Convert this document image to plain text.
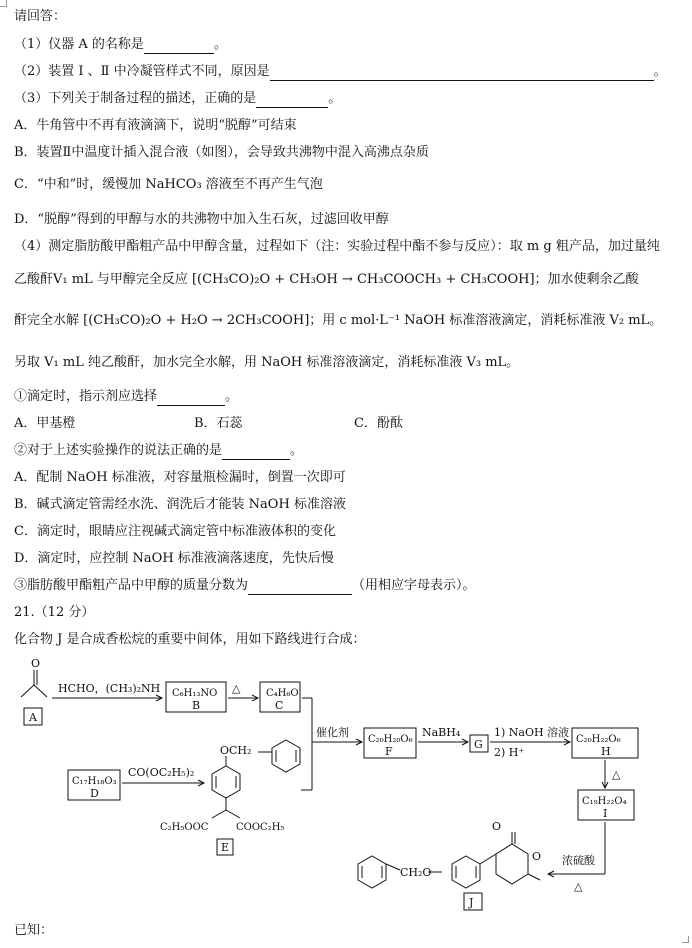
请回答：
（1）仪器 A 的名称是	。
（2）装置 Ⅰ 、Ⅱ 中冷凝管样式不同，原因是	。
（3）下列关于制备过程的描述，正确的是	。
A．牛角管中不再有液滴滴下，说明“脱醇”可结束
B．装置Ⅱ中温度计插入混合液（如图），会导致共沸物中混入高沸点杂质
C．“中和”时，缓慢加 NaHCO₃ 溶液至不再产生气泡
D．“脱醇”得到的甲醇与水的共沸物中加入生石灰，过滤回收甲醇
（4）测定脂肪酸甲酯粗产品中甲醇含量，过程如下（注：实验过程中酯不参与反应）：取 m g 粗产品，加过量纯
乙酸酐V₁ mL 与甲醇完全反应 [(CH₃CO)₂O + CH₃OH → CH₃COOCH₃ + CH₃COOH]；加水使剩余乙酸
酐完全水解 [(CH₃CO)₂O + H₂O → 2CH₃COOH]；用 c mol·L⁻¹ NaOH 标准溶液滴定，消耗标准液 V₂ mL。
另取 V₁ mL 纯乙酸酐，加水完全水解，用 NaOH 标准溶液滴定，消耗标准液 V₃ mL。
①滴定时，指示剂应选择	。
A．甲基橙	B．石蕊	C．酚酞
②对于上述实验操作的说法正确的是	。
A．配制 NaOH 标准液，对容量瓶检漏时，倒置一次即可
B．碱式滴定管需经水洗、润洗后才能装 NaOH 标准溶液
C．滴定时，眼睛应注视碱式滴定管中标准液体积的变化
D．滴定时，应控制 NaOH 标准液滴落速度，先快后慢
③脂肪酸甲酯粗产品中甲醇的质量分数为	（用相应字母表示）。
21.（12 分）
化合物 J 是合成香松烷的重要中间体，用如下路线进行合成：
O
A
HCHO，(CH₃)₂NH C₆H₁₃NO
B
△	C₄H₆O
C
催化剂
C₂₀H₂₀O₆
F
NaBH₄
G
1) NaOH 溶液
2) H⁺
C₂₀H₂₂O₆
H
△
C₁₉H₂₂O₄
I
浓硫酸
△
C₁₇H₁₈O₃
D
CO(OC₂H₅)₂
OCH₂
C₂H₅OOC	COOC₂H₅
E
CH₂O
O
O
J
已知：
